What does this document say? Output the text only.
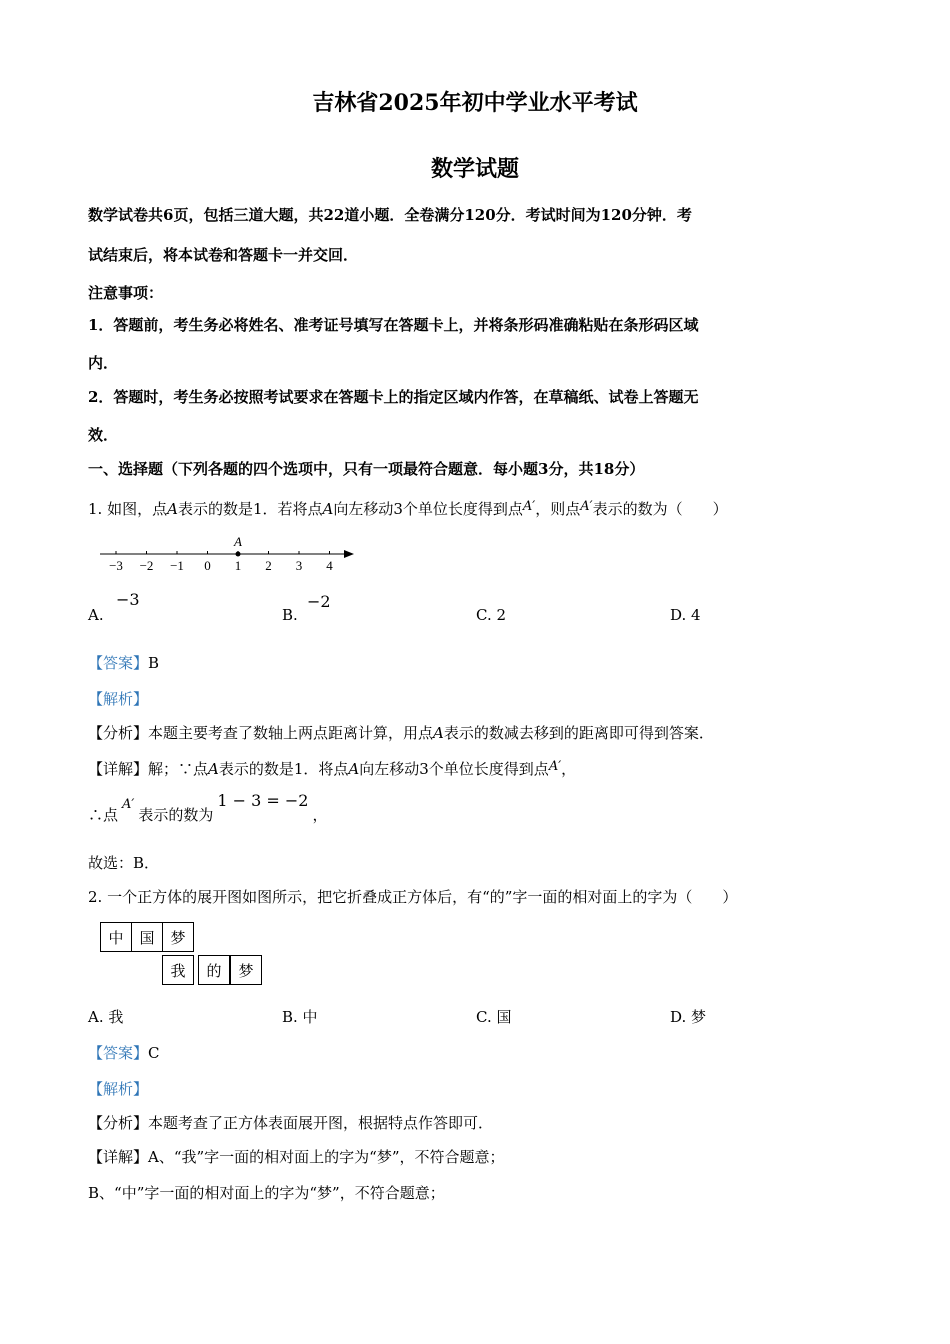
吉林省2025年初中学业水平考试
数学试题
数学试卷共6页，包括三道大题，共22道小题．全卷满分120分．考试时间为120分钟．考
试结束后，将本试卷和答题卡一并交回．
注意事项：
1．答题前，考生务必将姓名、准考证号填写在答题卡上，并将条形码准确粘贴在条形码区域
内．
2．答题时，考生务必按照考试要求在答题卡上的指定区域内作答，在草稿纸、试卷上答题无
效．
一、选择题（下列各题的四个选项中，只有一项最符合题意．每小题3分，共18分）
1. 如图，点A表示的数是1．若将点A向左移动3个单位长度得到点A′，则点A′表示的数为（　　）
−3 −2 −1 0 1 2 3 4
A
A.
−3
B.
−2
C. 2	D. 4
【答案】B
【解析】
【分析】本题主要考查了数轴上两点距离计算，用点A表示的数减去移到的距离即可得到答案．
【详解】解；∵点A表示的数是1．将点A向左移动3个单位长度得到点A′，
∴点A′表示的数为1 − 3 = −2，
故选：B．
2. 一个正方体的展开图如图所示，把它折叠成正方体后，有“的”字一面的相对面上的字为（　　）
中	国	梦
我	的	梦
A. 我	B. 中	C. 国	D. 梦
【答案】C
【解析】
【分析】本题考查了正方体表面展开图，根据特点作答即可．
【详解】A、“我”字一面的相对面上的字为“梦”，不符合题意；
B、“中”字一面的相对面上的字为“梦”，不符合题意；
